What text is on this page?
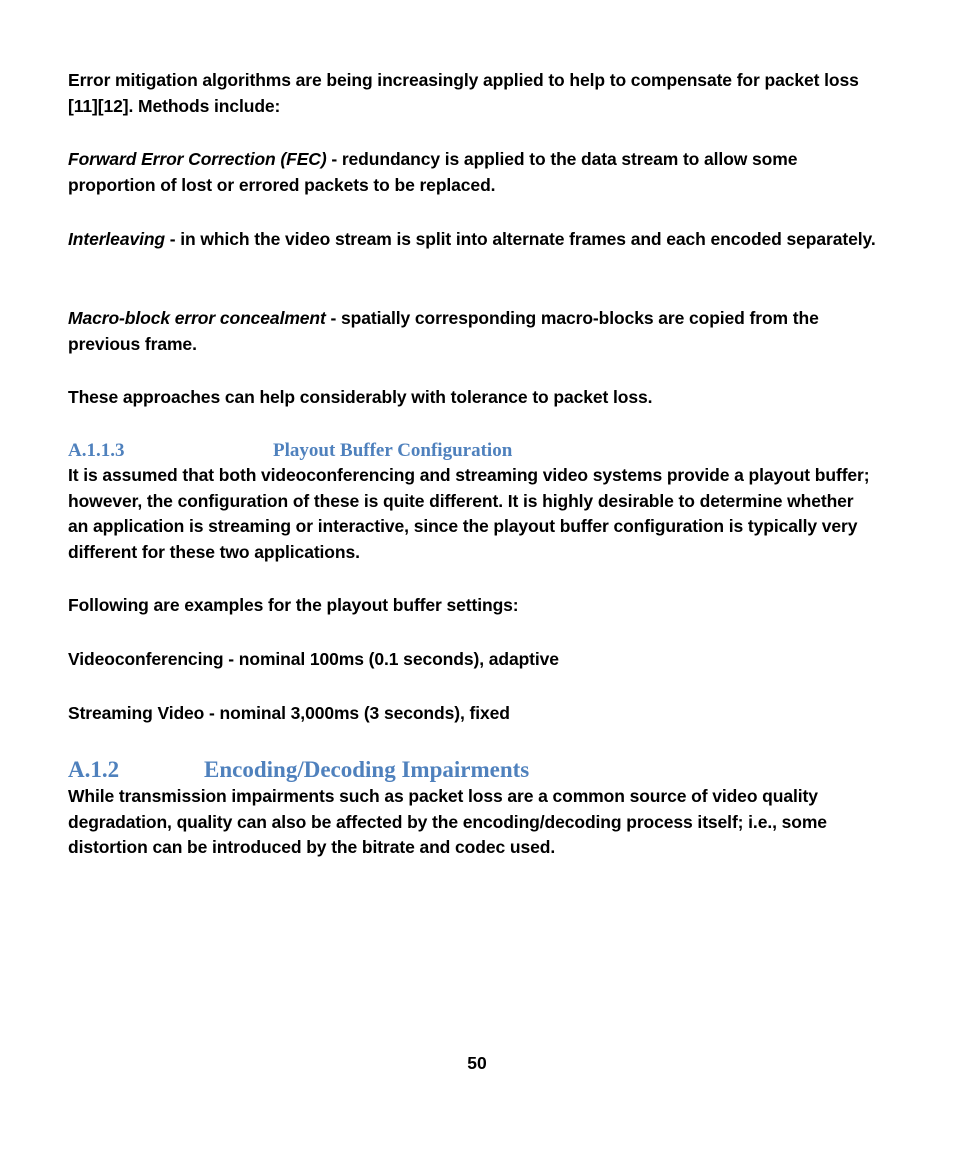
Error mitigation algorithms are being increasingly applied to help to compensate for packet loss [11][12]. Methods include:
Forward Error Correction (FEC) - redundancy is applied to the data stream to allow some proportion of lost or errored packets to be replaced.
Interleaving - in which the video stream is split into alternate frames and each encoded separately.
Macro-block error concealment - spatially corresponding macro-blocks are copied from the previous frame.
These approaches can help considerably with tolerance to packet loss.
A.1.1.3	Playout Buffer Configuration
It is assumed that both videoconferencing and streaming video systems provide a playout buffer; however, the configuration of these is quite different. It is highly desirable to determine whether an application is streaming or interactive, since the playout buffer configuration is typically very different for these two applications.
Following are examples for the playout buffer settings:
Videoconferencing - nominal 100ms (0.1 seconds), adaptive
Streaming Video - nominal 3,000ms (3 seconds), fixed
A.1.2	Encoding/Decoding Impairments
While transmission impairments such as packet loss are a common source of video quality degradation, quality can also be affected by the encoding/decoding process itself; i.e., some distortion can be introduced by the bitrate and codec used.
50
